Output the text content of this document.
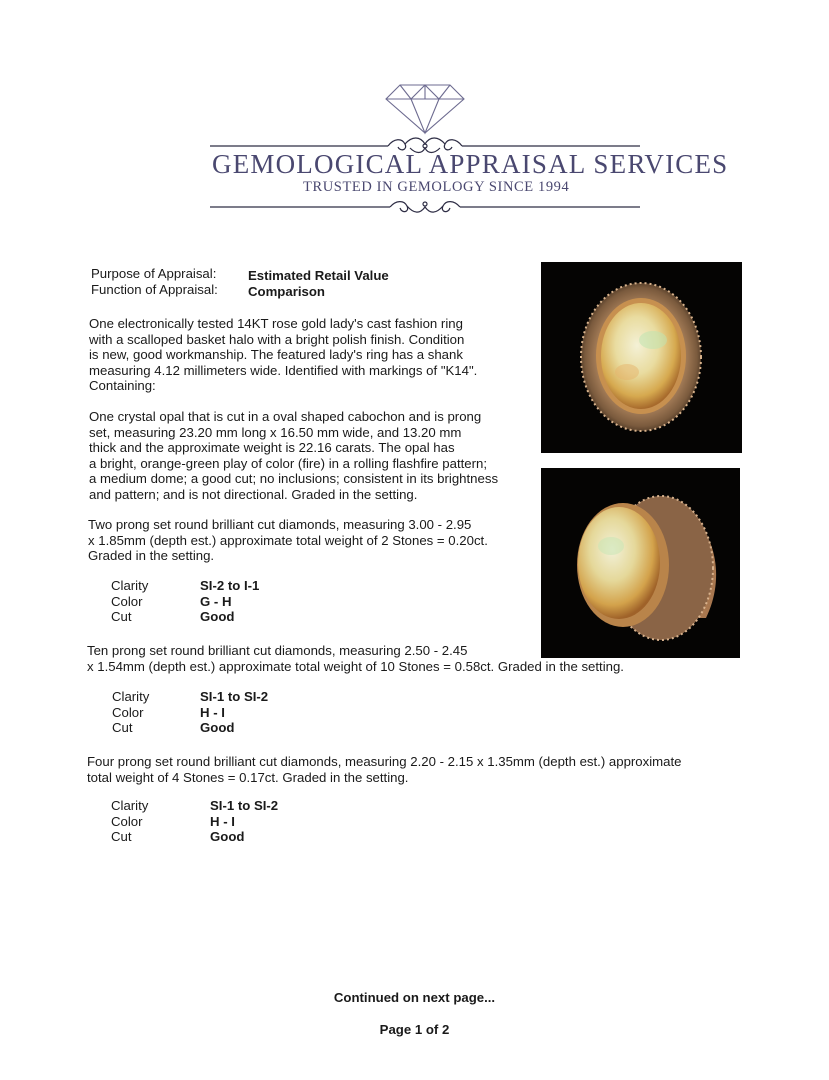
GEMOLOGICAL APPRAISAL SERVICES
TRUSTED IN GEMOLOGY SINCE 1994
Purpose of Appraisal: Estimated Retail Value
Function of Appraisal: Comparison
One electronically tested 14KT rose gold lady's cast fashion ring
with a scalloped basket halo with a bright polish finish. Condition
is new, good workmanship. The featured lady's ring has a shank
measuring 4.12 millimeters wide. Identified with markings of "K14".
Containing:
One crystal opal that is cut in a oval shaped cabochon and is prong
set, measuring 23.20 mm long x 16.50 mm wide, and 13.20 mm
thick and the approximate weight is 22.16 carats. The opal has
a bright, orange-green play of color (fire) in a rolling flashfire pattern;
a medium dome; a good cut; no inclusions; consistent in its brightness
and pattern; and is not directional. Graded in the setting.
Two prong set round brilliant cut diamonds, measuring 3.00 - 2.95
x 1.85mm (depth est.) approximate total weight of 2 Stones = 0.20ct.
Graded in the setting.
Clarity	SI-2 to I-1
Color	G - H
Cut	Good
Ten prong set round brilliant cut diamonds, measuring 2.50 - 2.45
x 1.54mm (depth est.) approximate total weight of 10 Stones = 0.58ct. Graded in the setting.
Clarity	SI-1 to SI-2
Color	H - I
Cut	Good
Four prong set round brilliant cut diamonds, measuring 2.20 - 2.15 x 1.35mm (depth est.) approximate
total weight of 4 Stones = 0.17ct. Graded in the setting.
Clarity	SI-1 to SI-2
Color	H - I
Cut	Good
Continued on next page...
Page 1 of 2
